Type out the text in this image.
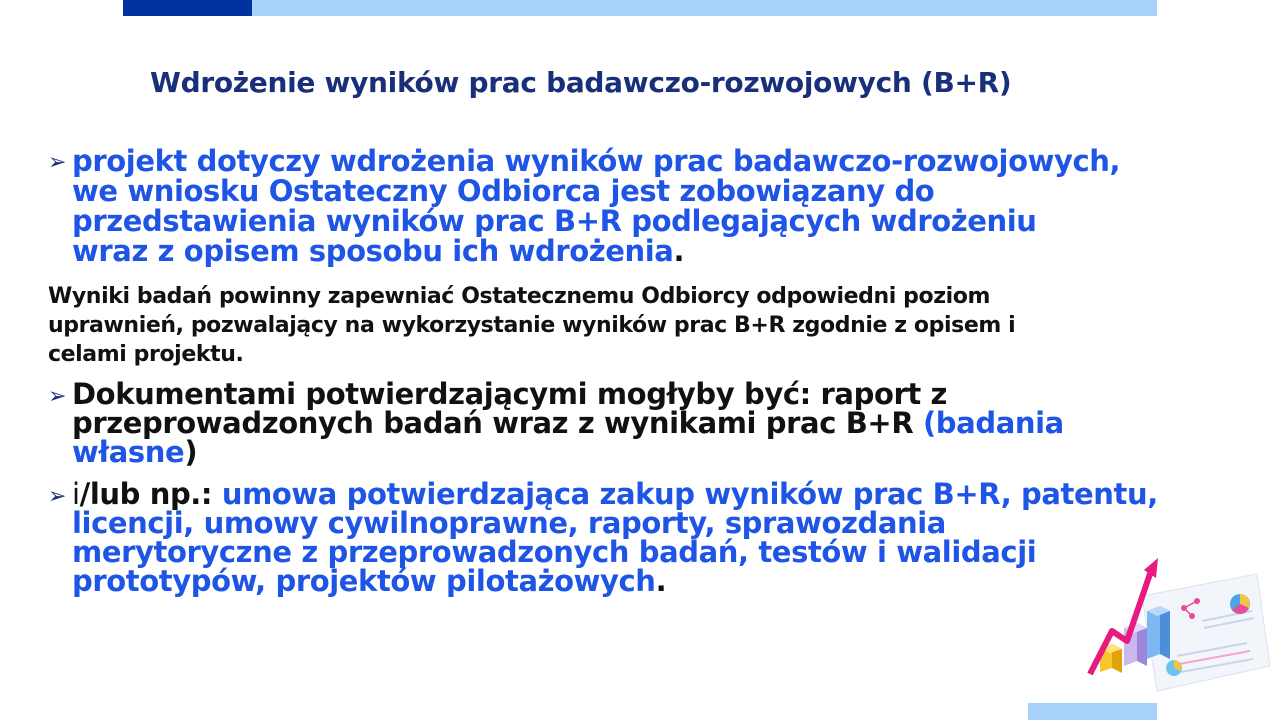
Wdrożenie wyników prac badawczo-rozwojowych (B+R)
➢ projekt dotyczy wdrożenia wyników prac badawczo-rozwojowych,
we wniosku Ostateczny Odbiorca jest zobowiązany do
przedstawienia wyników prac B+R podlegających wdrożeniu
wraz z opisem sposobu ich wdrożenia.
Wyniki badań powinny zapewniać Ostatecznemu Odbiorcy odpowiedni poziom
uprawnień, pozwalający na wykorzystanie wyników prac B+R zgodnie z opisem i
celami projektu.
➢ Dokumentami potwierdzającymi mogłyby być: raport z
przeprowadzonych badań wraz z wynikami prac B+R (badania
własne)
➢ i/lub np.: umowa potwierdzająca zakup wyników prac B+R, patentu,
licencji, umowy cywilnoprawne, raporty, sprawozdania
merytoryczne z przeprowadzonych badań, testów i walidacji
prototypów, projektów pilotażowych.
